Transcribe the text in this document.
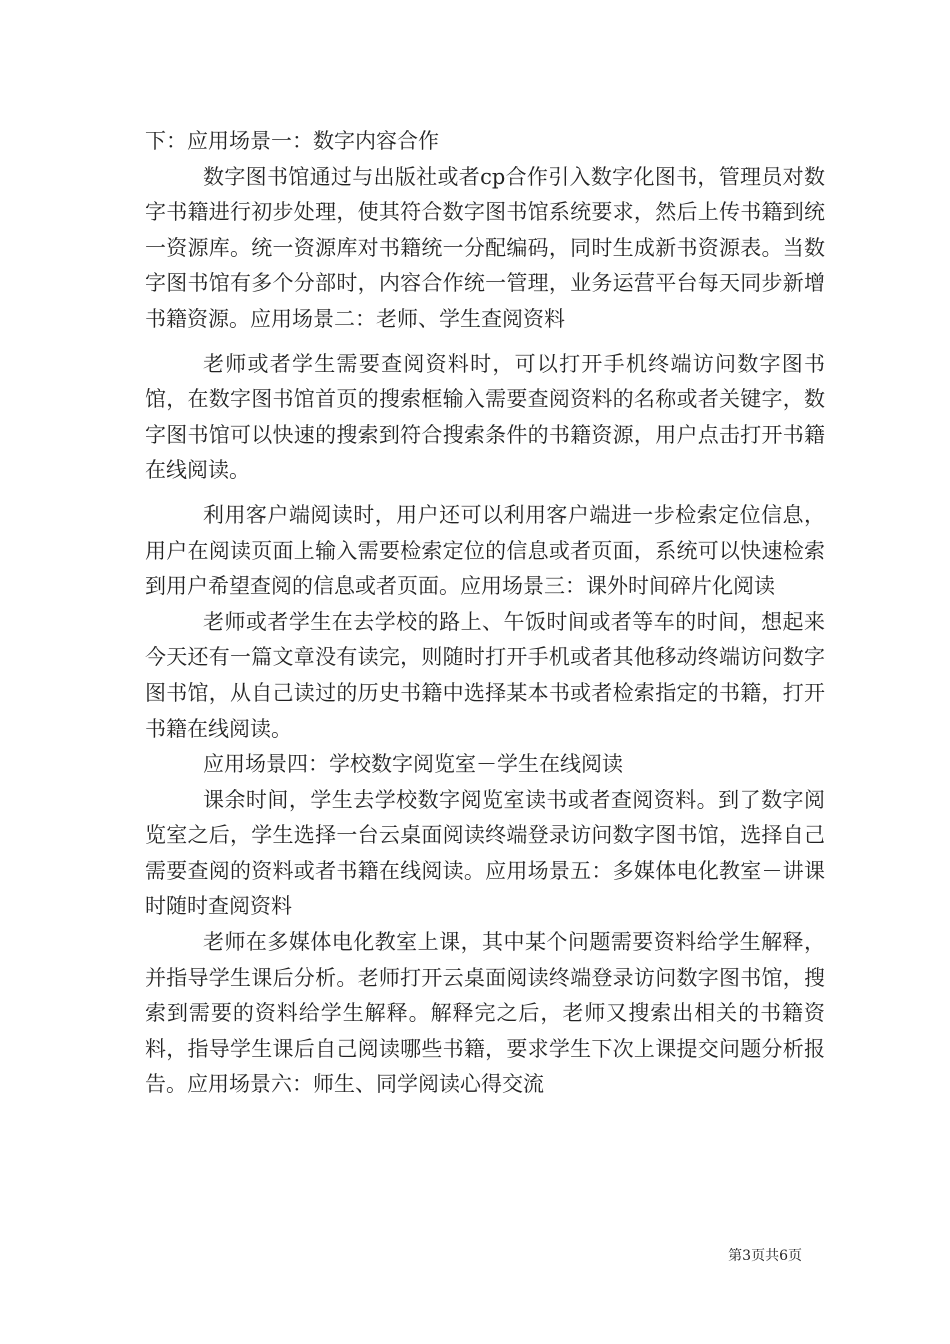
下：应用场景一：数字内容合作

数字图书馆通过与出版社或者cp合作引入数字化图书，管理员对数字书籍进行初步处理，使其符合数字图书馆系统要求，然后上传书籍到统一资源库。统一资源库对书籍统一分配编码，同时生成新书资源表。当数字图书馆有多个分部时，内容合作统一管理，业务运营平台每天同步新增书籍资源。应用场景二：老师、学生查阅资料

老师或者学生需要查阅资料时，可以打开手机终端访问数字图书馆，在数字图书馆首页的搜索框输入需要查阅资料的名称或者关键字，数字图书馆可以快速的搜索到符合搜索条件的书籍资源，用户点击打开书籍在线阅读。

利用客户端阅读时，用户还可以利用客户端进一步检索定位信息，用户在阅读页面上输入需要检索定位的信息或者页面，系统可以快速检索到用户希望查阅的信息或者页面。应用场景三：课外时间碎片化阅读

老师或者学生在去学校的路上、午饭时间或者等车的时间，想起来今天还有一篇文章没有读完，则随时打开手机或者其他移动终端访问数字图书馆，从自己读过的历史书籍中选择某本书或者检索指定的书籍，打开书籍在线阅读。

应用场景四：学校数字阅览室－学生在线阅读

课余时间，学生去学校数字阅览室读书或者查阅资料。到了数字阅览室之后，学生选择一台云桌面阅读终端登录访问数字图书馆，选择自己需要查阅的资料或者书籍在线阅读。应用场景五：多媒体电化教室－讲课时随时查阅资料

老师在多媒体电化教室上课，其中某个问题需要资料给学生解释，并指导学生课后分析。老师打开云桌面阅读终端登录访问数字图书馆，搜索到需要的资料给学生解释。解释完之后，老师又搜索出相关的书籍资料，指导学生课后自己阅读哪些书籍，要求学生下次上课提交问题分析报告。应用场景六：师生、同学阅读心得交流

第3页共6页
